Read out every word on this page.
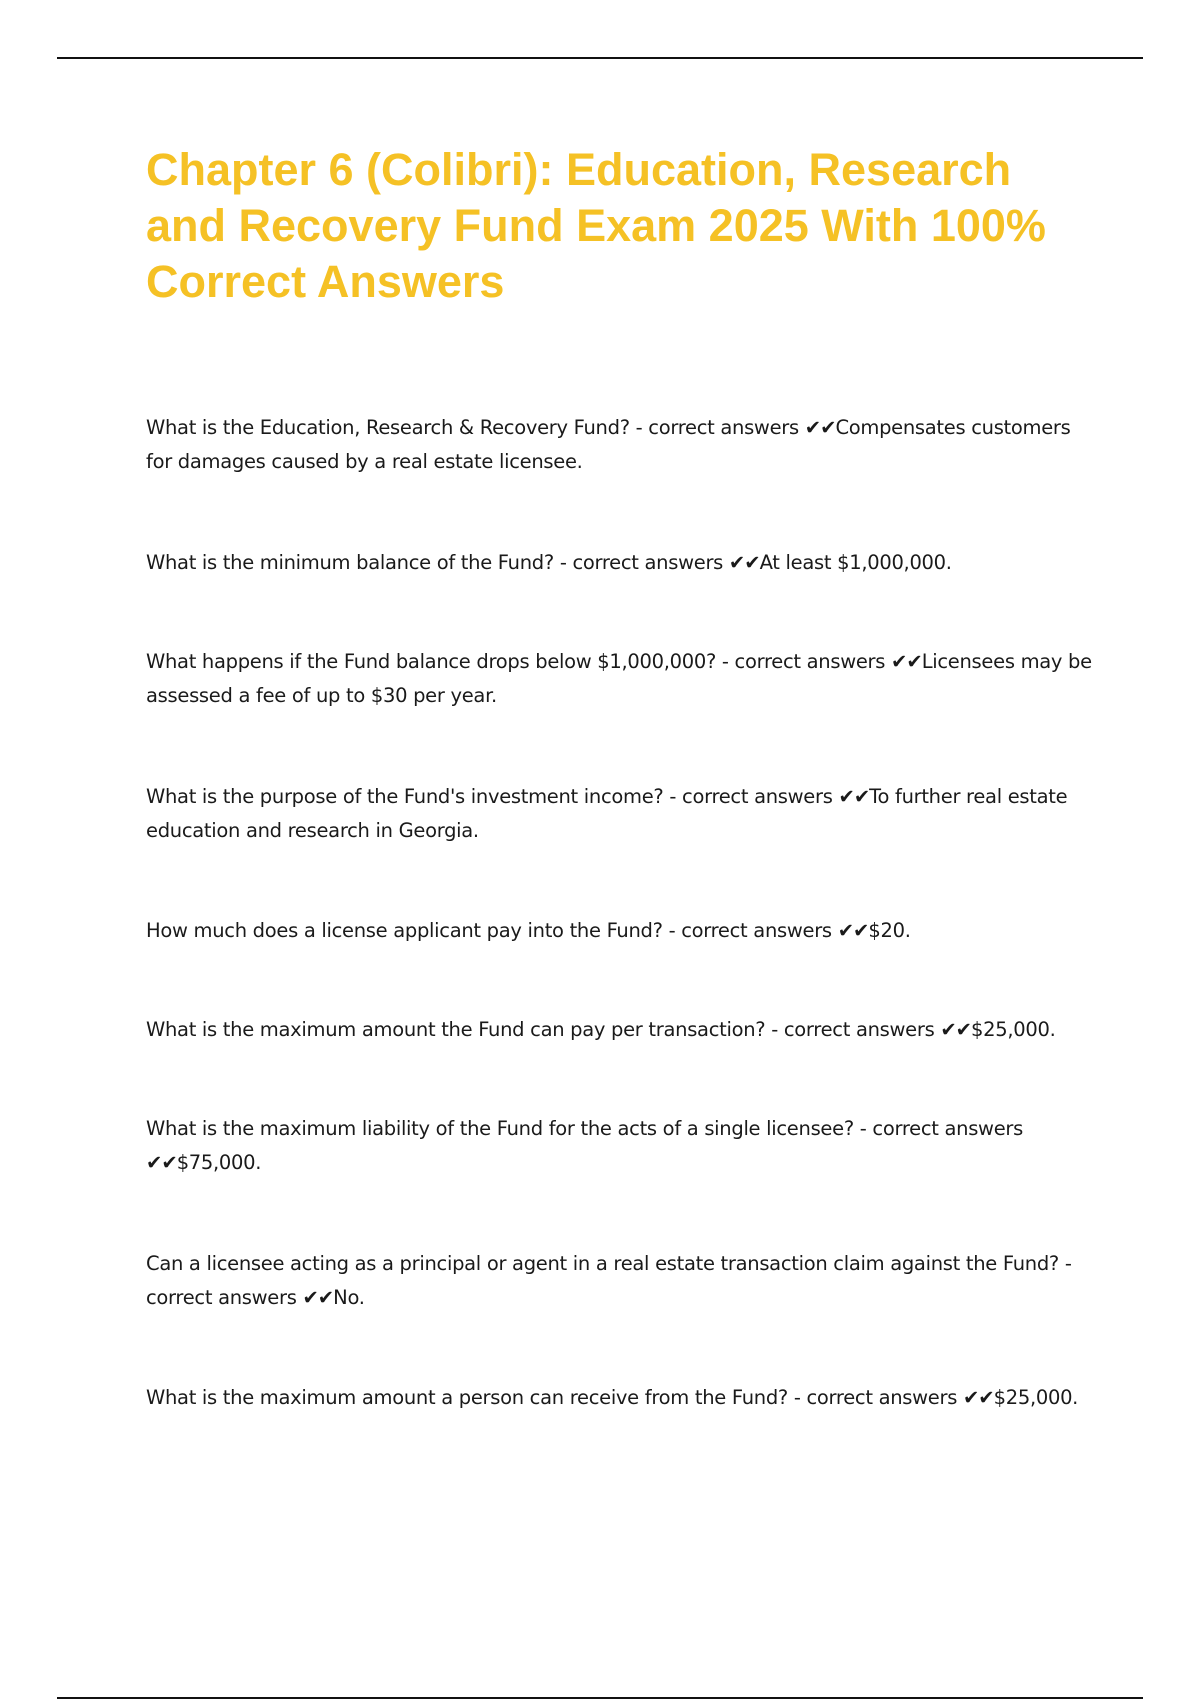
Chapter 6 (Colibri): Education, Research and Recovery Fund Exam 2025 With 100% Correct Answers

What is the Education, Research & Recovery Fund? - correct answers ✔✔Compensates customers for damages caused by a real estate licensee.

What is the minimum balance of the Fund? - correct answers ✔✔At least $1,000,000.

What happens if the Fund balance drops below $1,000,000? - correct answers ✔✔Licensees may be assessed a fee of up to $30 per year.

What is the purpose of the Fund's investment income? - correct answers ✔✔To further real estate education and research in Georgia.

How much does a license applicant pay into the Fund? - correct answers ✔✔$20.

What is the maximum amount the Fund can pay per transaction? - correct answers ✔✔$25,000.

What is the maximum liability of the Fund for the acts of a single licensee? - correct answers ✔✔$75,000.

Can a licensee acting as a principal or agent in a real estate transaction claim against the Fund? - correct answers ✔✔No.

What is the maximum amount a person can receive from the Fund? - correct answers ✔✔$25,000.
